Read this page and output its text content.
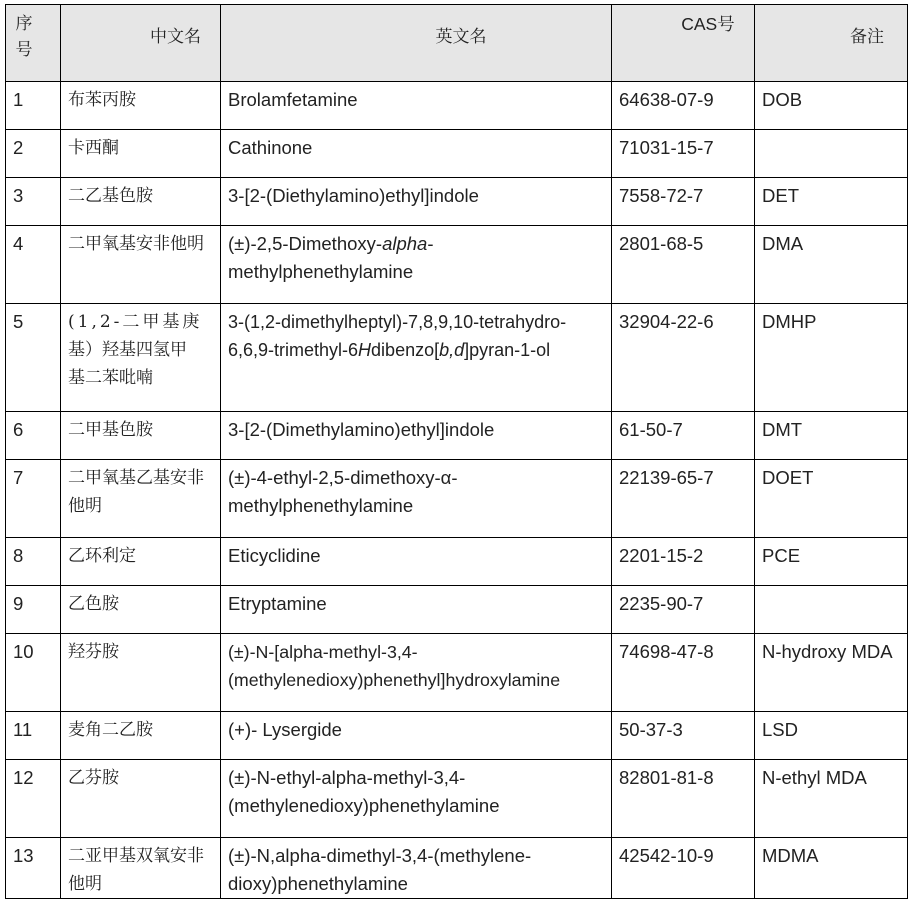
序号	中文名	英文名	CAS号	备注

1	布苯丙胺	Brolamfetamine	64638-07-9	DOB

2	卡西酮	Cathinone	71031-15-7	

3	二乙基色胺	3-[2-(Diethylamino)ethyl]indole	7558-72-7	DET

4	二甲氧基安非他明	(±)-2,5-Dimethoxy-alpha-methylphenethylamine	2801-68-5	DMA

5	(1,2-二甲基庚
基）羟基四氢甲
基二苯吡喃	3-(1,2-dimethylheptyl)-7,8,9,10-tetrahydro-6,6,9-trimethyl-6Hdibenzo[b,d]pyran-1-ol	32904-22-6	DMHP

6	二甲基色胺	3-[2-(Dimethylamino)ethyl]indole	61-50-7	DMT

7	二甲氧基乙基安非他明	(±)-4-ethyl-2,5-dimethoxy-α-methylphenethylamine	22139-65-7	DOET

8	乙环利定	Eticyclidine	2201-15-2	PCE

9	乙色胺	Etryptamine	2235-90-7	

10	羟芬胺	(±)-N-[alpha-methyl-3,4-(methylenedioxy)phenethyl]hydroxylamine	74698-47-8	N-hydroxy MDA

11	麦角二乙胺	(+)- Lysergide	50-37-3	LSD

12	乙芬胺	(±)-N-ethyl-alpha-methyl-3,4-(methylenedioxy)phenethylamine	82801-81-8	N-ethyl MDA

13	二亚甲基双氧安非他明	(±)-N,alpha-dimethyl-3,4-(methylene-dioxy)phenethylamine	42542-10-9	MDMA
